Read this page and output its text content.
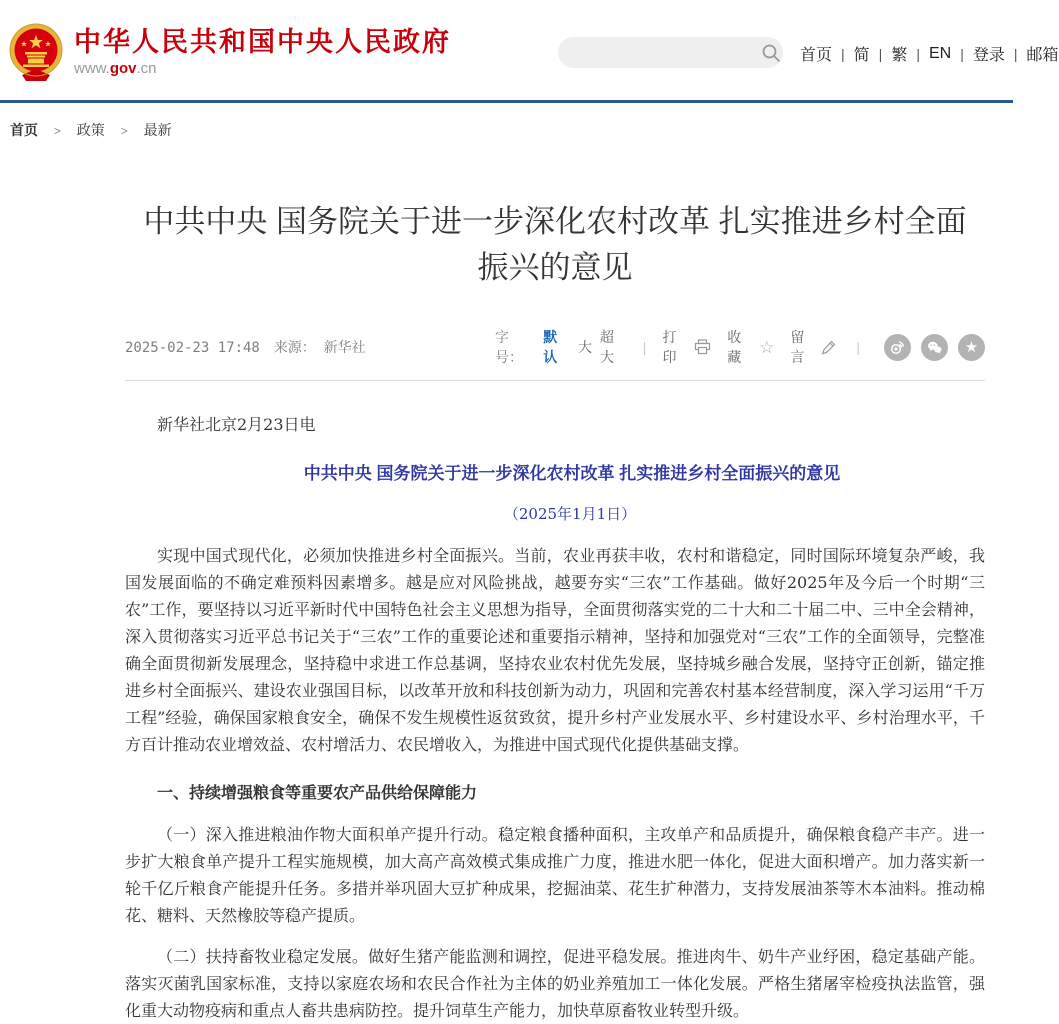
中华人民共和国中央人民政府
www.gov.cn
首页 | 简 | 繁 | EN | 登录 | 邮箱
首页 > 政策 > 最新
中共中央 国务院关于进一步深化农村改革 扎实推进乡村全面振兴的意见
2025-02-23 17:48 来源： 新华社
字号：
默认
大
超大
|
打印
收藏
☆
留言
|	★

新华社北京2月23日电

中共中央 国务院关于进一步深化农村改革 扎实推进乡村全面振兴的意见

（2025年1月1日）

实现中国式现代化，必须加快推进乡村全面振兴。当前，农业再获丰收，农村和谐稳定，同时国际环境复杂严峻，我国发展面临的不确定难预料因素增多。越是应对风险挑战，越要夯实“三农”工作基础。做好2025年及今后一个时期“三农”工作，要坚持以习近平新时代中国特色社会主义思想为指导，全面贯彻落实党的二十大和二十届二中、三中全会精神，深入贯彻落实习近平总书记关于“三农”工作的重要论述和重要指示精神，坚持和加强党对“三农”工作的全面领导，完整准确全面贯彻新发展理念，坚持稳中求进工作总基调，坚持农业农村优先发展，坚持城乡融合发展，坚持守正创新，锚定推进乡村全面振兴、建设农业强国目标，以改革开放和科技创新为动力，巩固和完善农村基本经营制度，深入学习运用“千万工程”经验，确保国家粮食安全，确保不发生规模性返贫致贫，提升乡村产业发展水平、乡村建设水平、乡村治理水平，千方百计推动农业增效益、农村增活力、农民增收入，为推进中国式现代化提供基础支撑。

一、持续增强粮食等重要农产品供给保障能力

（一）深入推进粮油作物大面积单产提升行动。稳定粮食播种面积，主攻单产和品质提升，确保粮食稳产丰产。进一步扩大粮食单产提升工程实施规模，加大高产高效模式集成推广力度，推进水肥一体化，促进大面积增产。加力落实新一轮千亿斤粮食产能提升任务。多措并举巩固大豆扩种成果，挖掘油菜、花生扩种潜力，支持发展油茶等木本油料。推动棉花、糖料、天然橡胶等稳产提质。

（二）扶持畜牧业稳定发展。做好生猪产能监测和调控，促进平稳发展。推进肉牛、奶牛产业纾困，稳定基础产能。落实灭菌乳国家标准，支持以家庭农场和农民合作社为主体的奶业养殖加工一体化发展。严格生猪屠宰检疫执法监管，强化重大动物疫病和重点人畜共患病防控。提升饲草生产能力，加快草原畜牧业转型升级。
